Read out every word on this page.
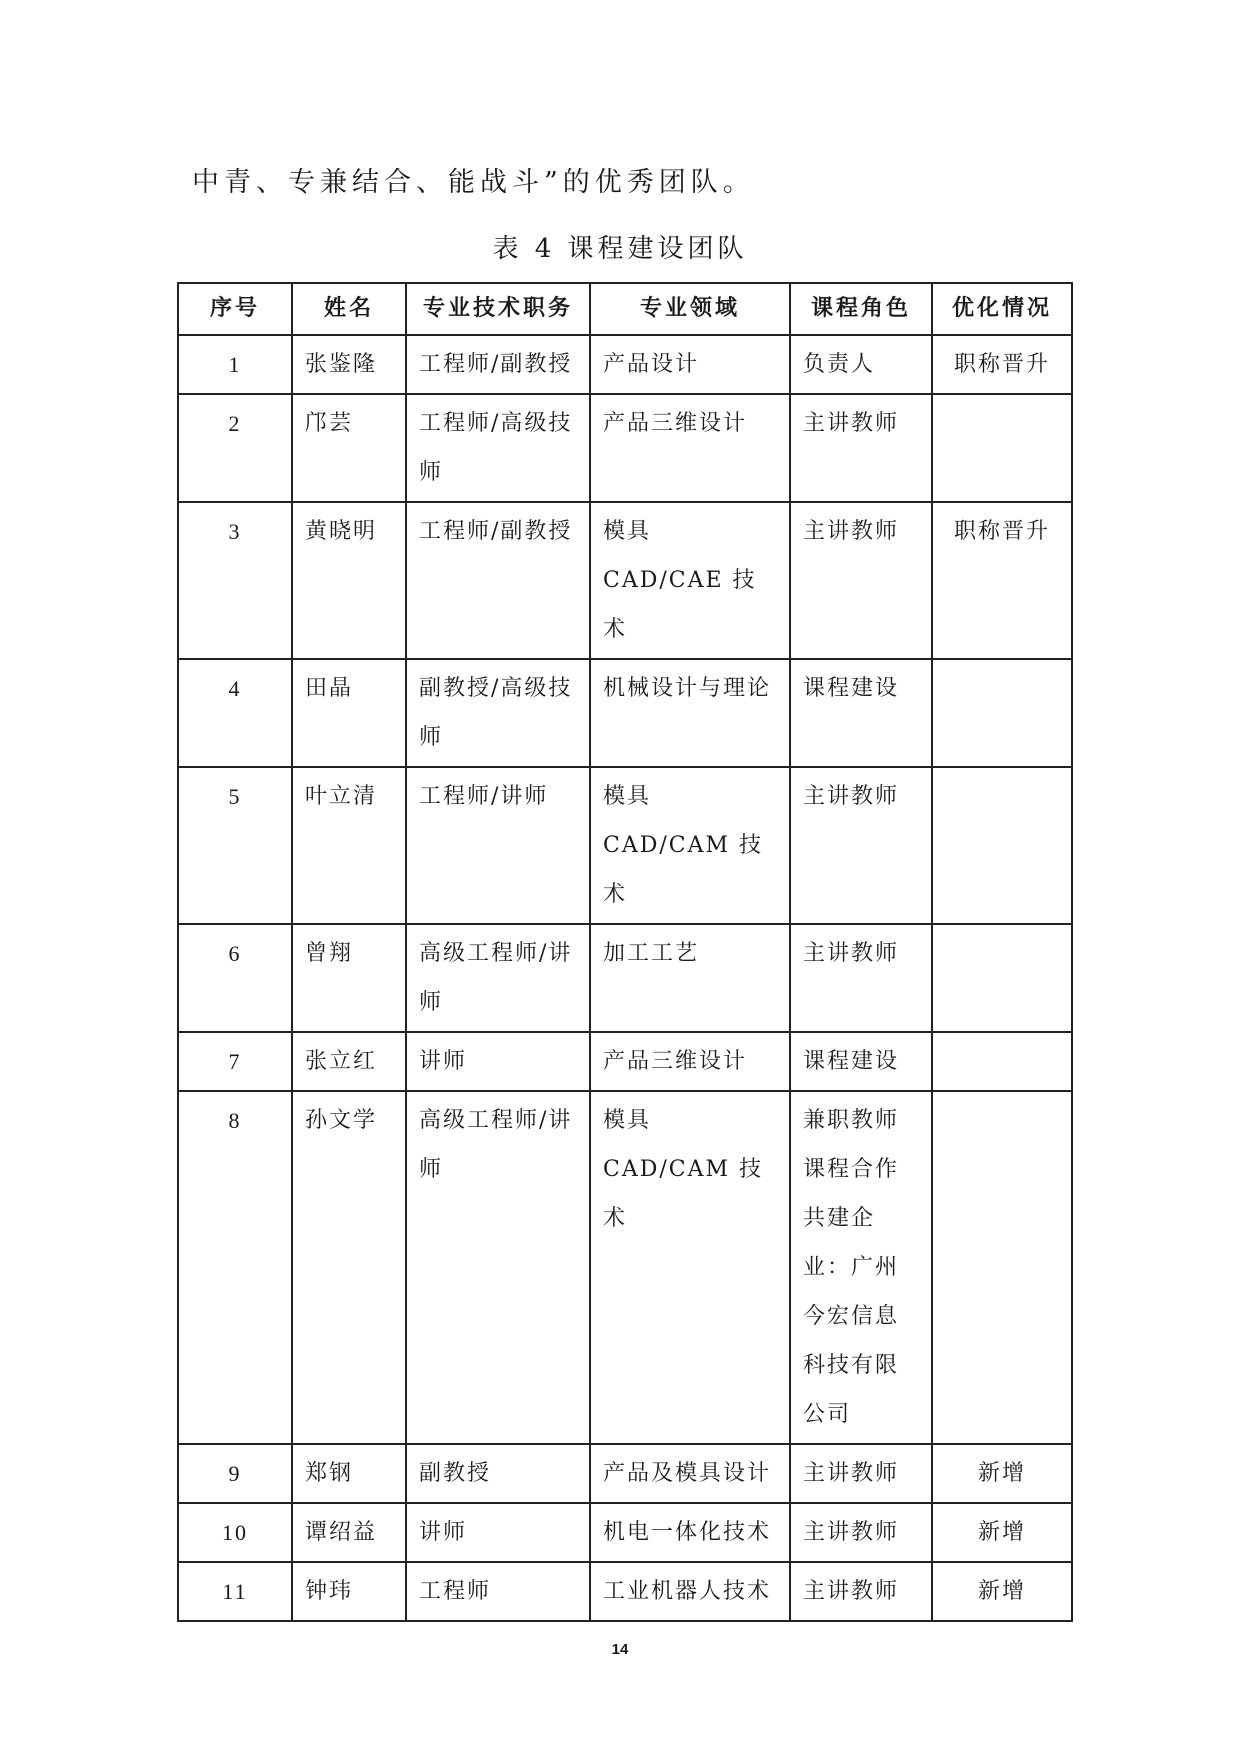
中青、专兼结合、能战斗”的优秀团队。
表 4 课程建设团队
序号	姓名	专业技术职务	专业领域	课程角色	优化情况

1	张鉴隆	工程师/副教授	产品设计	负责人	职称晋升

2	邝芸	工程师/高级技师	产品三维设计	主讲教师	

3	黄晓明	工程师/副教授	模具 CAD/CAE 技术	主讲教师	职称晋升

4	田晶	副教授/高级技师	机械设计与理论	课程建设	

5	叶立清	工程师/讲师	模具 CAD/CAM 技术	主讲教师	

6	曾翔	高级工程师/讲师	加工工艺	主讲教师	

7	张立红	讲师	产品三维设计	课程建设	

8	孙文学	高级工程师/讲师	模具 CAD/CAM 技术	兼职教师课程合作共建企业：广州今宏信息科技有限公司	

9	郑钢	副教授	产品及模具设计	主讲教师	新增

10	谭绍益	讲师	机电一体化技术	主讲教师	新增

11	钟玮	工程师	工业机器人技术	主讲教师	新增
14
